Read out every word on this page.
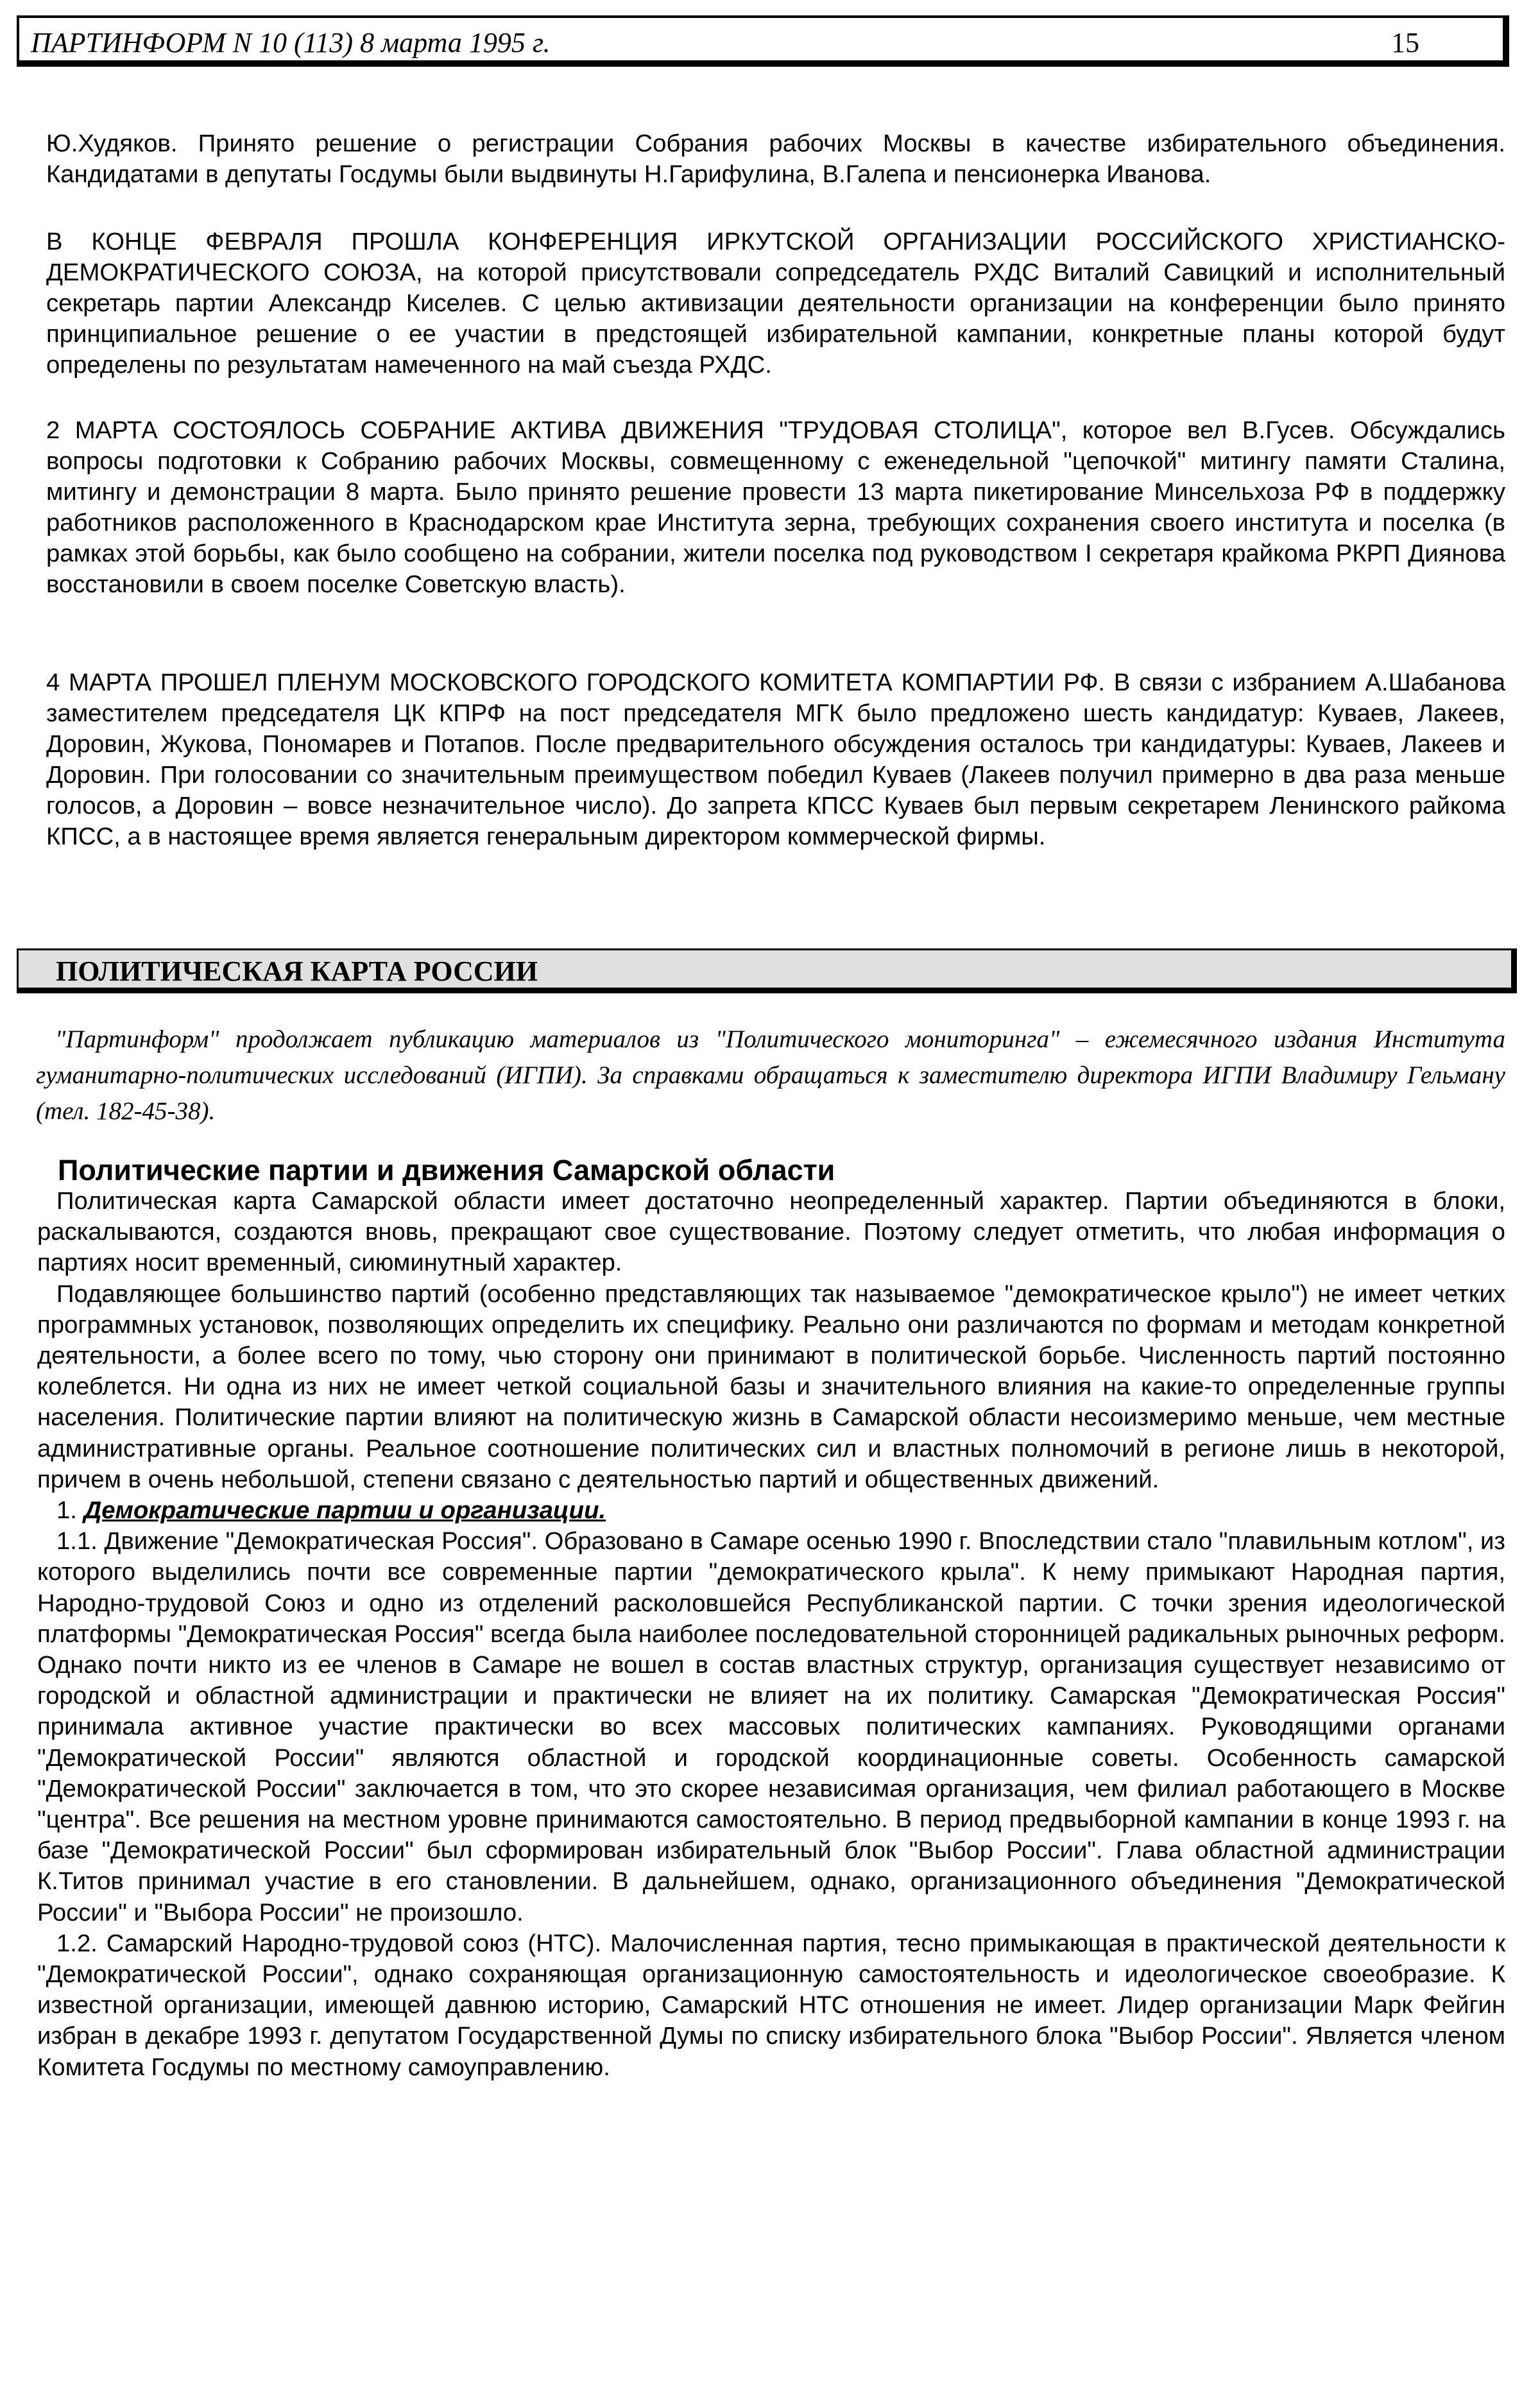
ПАРТИНФОРМ N 10 (113) 8 марта 1995 г.	15

Ю.Худяков. Принято решение о регистрации Собрания рабочих Москвы в качестве избирательного объединения. Кандидатами в депутаты Госдумы были выдвинуты Н.Гарифулина, В.Галепа и пенсионерка Иванова.

В КОНЦЕ ФЕВРАЛЯ ПРОШЛА КОНФЕРЕНЦИЯ ИРКУТСКОЙ ОРГАНИЗАЦИИ РОССИЙСКОГО ХРИСТИАНСКО-ДЕМОКРАТИЧЕСКОГО СОЮЗА, на которой присутствовали сопредседатель РХДС Виталий Савицкий и исполнительный секретарь партии Александр Киселев. С целью активизации деятельности организации на конференции было принято принципиальное решение о ее участии в предстоящей избирательной кампании, конкретные планы которой будут определены по результатам намеченного на май съезда РХДС.

2 МАРТА СОСТОЯЛОСЬ СОБРАНИЕ АКТИВА ДВИЖЕНИЯ "ТРУДОВАЯ СТОЛИЦА", которое вел В.Гусев. Обсуждались вопросы подготовки к Собранию рабочих Москвы, совмещенному с еженедельной "цепочкой" митингу памяти Сталина, митингу и демонстрации 8 марта. Было принято решение провести 13 марта пикетирование Минсельхоза РФ в поддержку работников расположенного в Краснодарском крае Института зерна, требующих сохранения своего института и поселка (в рамках этой борьбы, как было сообщено на собрании, жители поселка под руководством I секретаря крайкома РКРП Диянова восстановили в своем поселке Советскую власть).

4 МАРТА ПРОШЕЛ ПЛЕНУМ МОСКОВСКОГО ГОРОДСКОГО КОМИТЕТА КОМПАРТИИ РФ. В связи с избранием А.Шабанова заместителем председателя ЦК КПРФ на пост председателя МГК было предложено шесть кандидатур: Куваев, Лакеев, Доровин, Жукова, Пономарев и Потапов. После предварительного обсуждения осталось три кандидатуры: Куваев, Лакеев и Доровин. При голосовании со значительным преимуществом победил Куваев (Лакеев получил примерно в два раза меньше голосов, а Доровин – вовсе незначительное число). До запрета КПСС Куваев был первым секретарем Ленинского райкома КПСС, а в настоящее время является генеральным директором коммерческой фирмы.

ПОЛИТИЧЕСКАЯ КАРТА РОССИИ

"Партинформ" продолжает публикацию материалов из "Политического мониторинга" – ежемесячного издания Института гуманитарно-политических исследований (ИГПИ). За справками обращаться к заместителю директора ИГПИ Владимиру Гельману (тел. 182-45-38).

Политические партии и движения Самарской области

Политическая карта Самарской области имеет достаточно неопределенный характер. Партии объединяются в блоки, раскалываются, создаются вновь, прекращают свое существование. Поэтому следует отметить, что любая информация о партиях носит временный, сиюминутный характер.

Подавляющее большинство партий (особенно представляющих так называемое "демократическое крыло") не имеет четких программных установок, позволяющих определить их специфику. Реально они различаются по формам и методам конкретной деятельности, а более всего по тому, чью сторону они принимают в политической борьбе. Численность партий постоянно колеблется. Ни одна из них не имеет четкой социальной базы и значительного влияния на какие-то определенные группы населения. Политические партии влияют на политическую жизнь в Самарской области несоизмеримо меньше, чем местные административные органы. Реальное соотношение политических сил и властных полномочий в регионе лишь в некоторой, причем в очень небольшой, степени связано с деятельностью партий и общественных движений.

1. Демократические партии и организации.

1.1. Движение "Демократическая Россия". Образовано в Самаре осенью 1990 г. Впоследствии стало "плавильным котлом", из которого выделились почти все современные партии "демократического крыла". К нему примыкают Народная партия, Народно-трудовой Союз и одно из отделений расколовшейся Республиканской партии. С точки зрения идеологической платформы "Демократическая Россия" всегда была наиболее последовательной сторонницей радикальных рыночных реформ. Однако почти никто из ее членов в Самаре не вошел в состав властных структур, организация существует независимо от городской и областной администрации и практически не влияет на их политику. Самарская "Демократическая Россия" принимала активное участие практически во всех массовых политических кампаниях. Руководящими органами "Демократической России" являются областной и городской координационные советы. Особенность самарской "Демократической России" заключается в том, что это скорее независимая организация, чем филиал работающего в Москве "центра". Все решения на местном уровне принимаются самостоятельно. В период предвыборной кампании в конце 1993 г. на базе "Демократической России" был сформирован избирательный блок "Выбор России". Глава областной администрации К.Титов принимал участие в его становлении. В дальнейшем, однако, организационного объединения "Демократической России" и "Выбора России" не произошло.

1.2. Самарский Народно-трудовой союз (НТС). Малочисленная партия, тесно примыкающая в практической деятельности к "Демократической России", однако сохраняющая организационную самостоятельность и идеологическое своеобразие. К известной организации, имеющей давнюю историю, Самарский НТС отношения не имеет. Лидер организации Марк Фейгин избран в декабре 1993 г. депутатом Государственной Думы по списку избирательного блока "Выбор России". Является членом Комитета Госдумы по местному самоуправлению.
